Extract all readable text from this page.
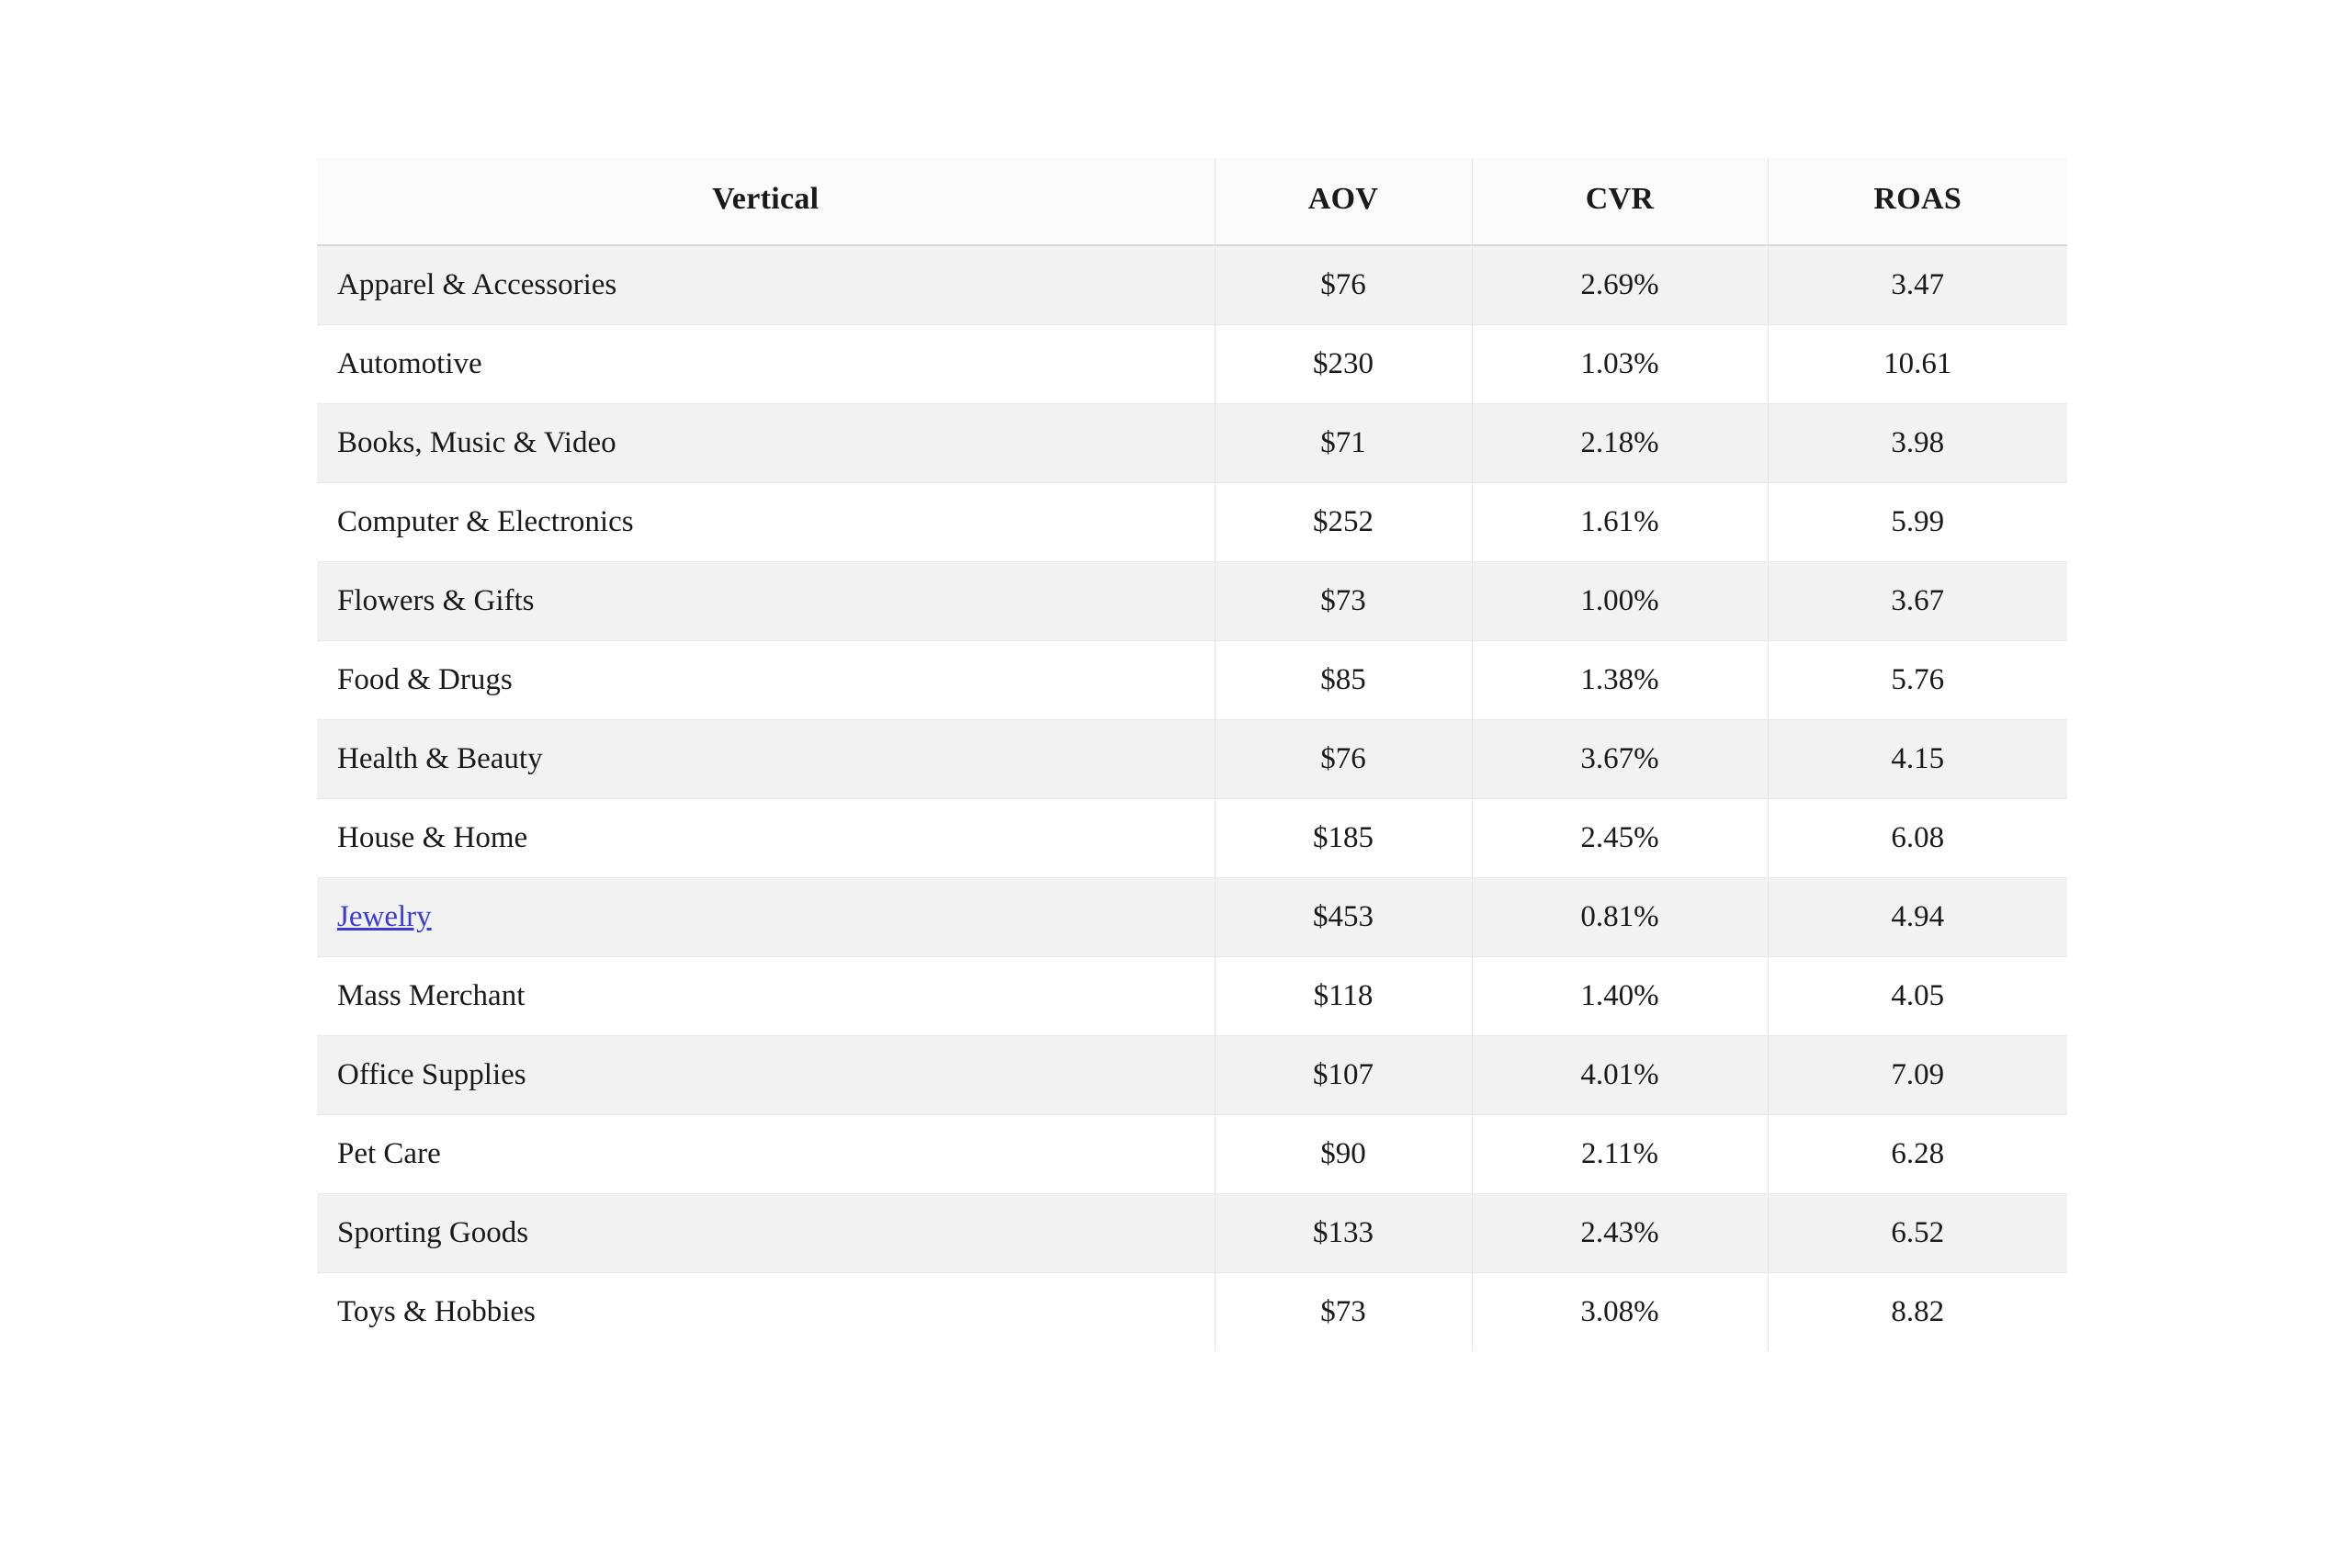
Vertical	AOV	CVR	ROAS
Apparel & Accessories	$76	2.69%	3.47
Automotive	$230	1.03%	10.61
Books, Music & Video	$71	2.18%	3.98
Computer & Electronics	$252	1.61%	5.99
Flowers & Gifts	$73	1.00%	3.67
Food & Drugs	$85	1.38%	5.76
Health & Beauty	$76	3.67%	4.15
House & Home	$185	2.45%	6.08
Jewelry	$453	0.81%	4.94
Mass Merchant	$118	1.40%	4.05
Office Supplies	$107	4.01%	7.09
Pet Care	$90	2.11%	6.28
Sporting Goods	$133	2.43%	6.52
Toys & Hobbies	$73	3.08%	8.82
